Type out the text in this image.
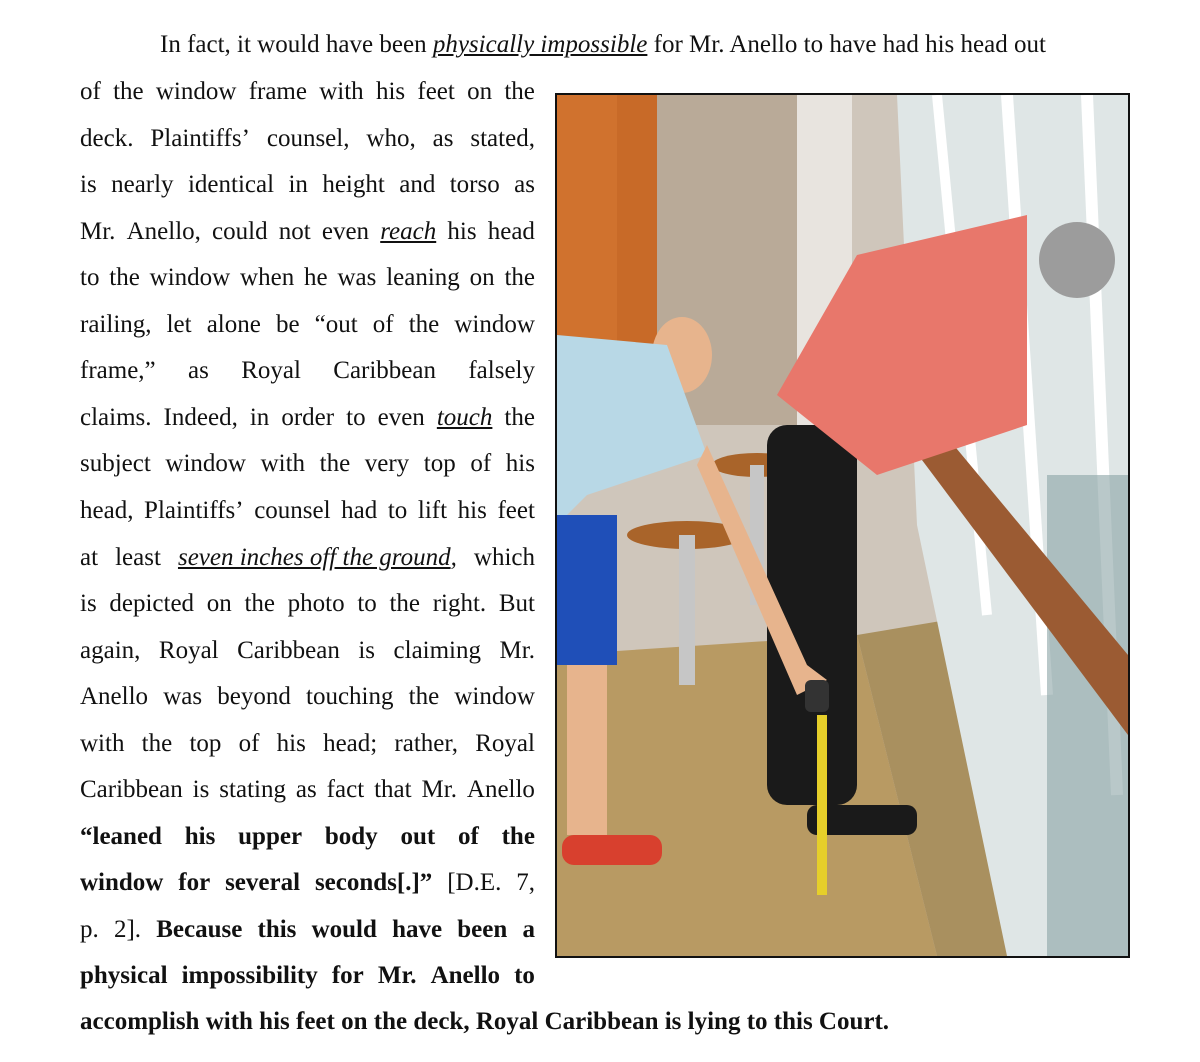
In fact, it would have been physically impossible for Mr. Anello to have had his head out
of the window frame with his feet on the
deck. Plaintiffs’ counsel, who, as stated,
is nearly identical in height and torso as
Mr. Anello, could not even reach his head
to the window when he was leaning on the
railing, let alone be “out of the window
frame,” as Royal Caribbean falsely
claims. Indeed, in order to even touch the
subject window with the very top of his
head, Plaintiffs’ counsel had to lift his feet
at least seven inches off the ground, which
is depicted on the photo to the right. But
again, Royal Caribbean is claiming Mr.
Anello was beyond touching the window
with the top of his head; rather, Royal
Caribbean is stating as fact that Mr. Anello
“leaned his upper body out of the
window for several seconds[.]” [D.E. 7,
p. 2]. Because this would have been a
physical impossibility for Mr. Anello to
accomplish with his feet on the deck, Royal Caribbean is lying to this Court.
